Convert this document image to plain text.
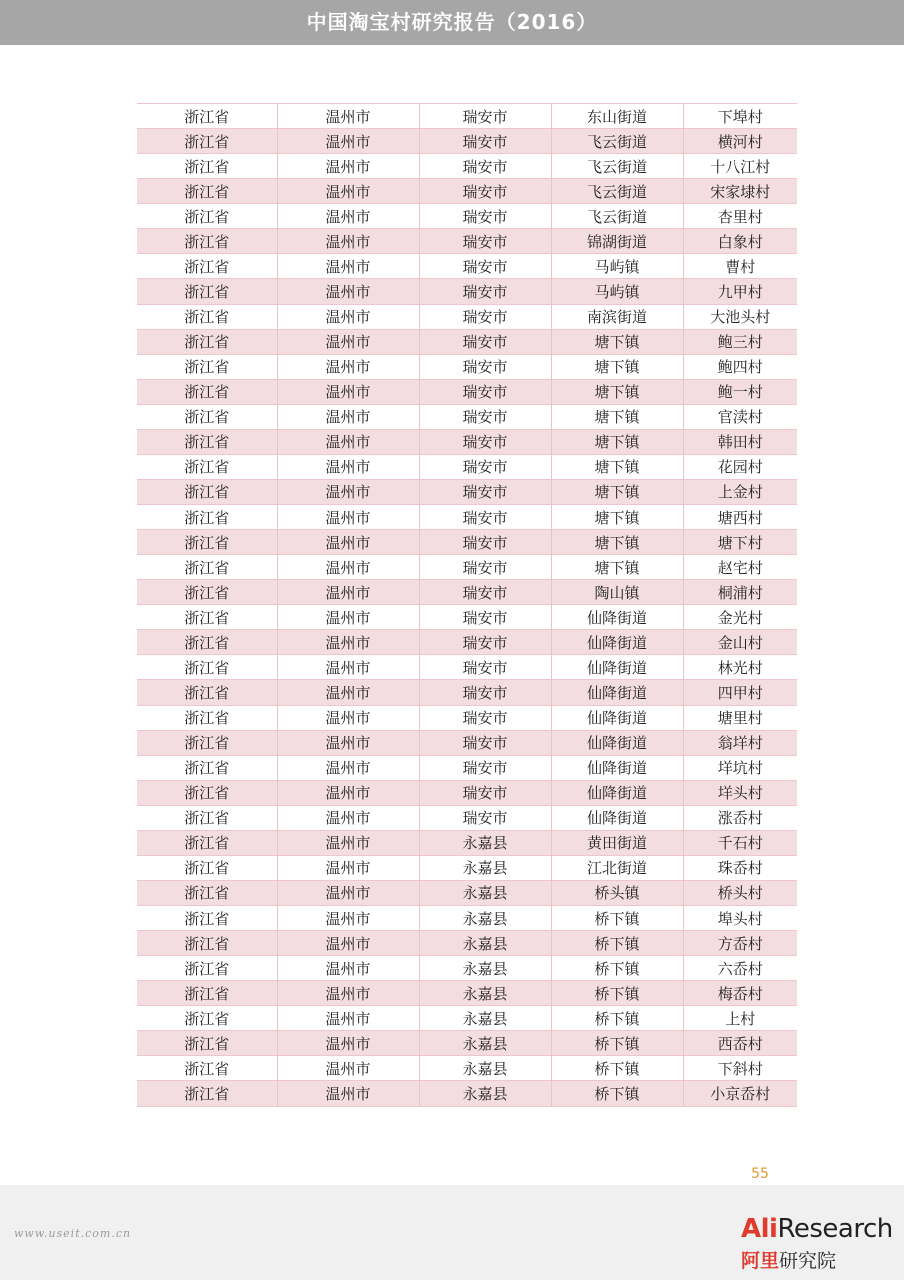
中国淘宝村研究报告（2016）
浙江省	温州市	瑞安市	东山街道	下埠村
浙江省	温州市	瑞安市	飞云街道	横河村
浙江省	温州市	瑞安市	飞云街道	十八江村
浙江省	温州市	瑞安市	飞云街道	宋家埭村
浙江省	温州市	瑞安市	飞云街道	杏里村
浙江省	温州市	瑞安市	锦湖街道	白象村
浙江省	温州市	瑞安市	马屿镇	曹村
浙江省	温州市	瑞安市	马屿镇	九甲村
浙江省	温州市	瑞安市	南滨街道	大池头村
浙江省	温州市	瑞安市	塘下镇	鲍三村
浙江省	温州市	瑞安市	塘下镇	鲍四村
浙江省	温州市	瑞安市	塘下镇	鲍一村
浙江省	温州市	瑞安市	塘下镇	官渎村
浙江省	温州市	瑞安市	塘下镇	韩田村
浙江省	温州市	瑞安市	塘下镇	花园村
浙江省	温州市	瑞安市	塘下镇	上金村
浙江省	温州市	瑞安市	塘下镇	塘西村
浙江省	温州市	瑞安市	塘下镇	塘下村
浙江省	温州市	瑞安市	塘下镇	赵宅村
浙江省	温州市	瑞安市	陶山镇	桐浦村
浙江省	温州市	瑞安市	仙降街道	金光村
浙江省	温州市	瑞安市	仙降街道	金山村
浙江省	温州市	瑞安市	仙降街道	林光村
浙江省	温州市	瑞安市	仙降街道	四甲村
浙江省	温州市	瑞安市	仙降街道	塘里村
浙江省	温州市	瑞安市	仙降街道	翁垟村
浙江省	温州市	瑞安市	仙降街道	垟坑村
浙江省	温州市	瑞安市	仙降街道	垟头村
浙江省	温州市	瑞安市	仙降街道	涨岙村
浙江省	温州市	永嘉县	黄田街道	千石村
浙江省	温州市	永嘉县	江北街道	珠岙村
浙江省	温州市	永嘉县	桥头镇	桥头村
浙江省	温州市	永嘉县	桥下镇	埠头村
浙江省	温州市	永嘉县	桥下镇	方岙村
浙江省	温州市	永嘉县	桥下镇	六岙村
浙江省	温州市	永嘉县	桥下镇	梅岙村
浙江省	温州市	永嘉县	桥下镇	上村
浙江省	温州市	永嘉县	桥下镇	西岙村
浙江省	温州市	永嘉县	桥下镇	下斜村
浙江省	温州市	永嘉县	桥下镇	小京岙村
55
www.useit.com.cn	AliResearch
阿里研究院
